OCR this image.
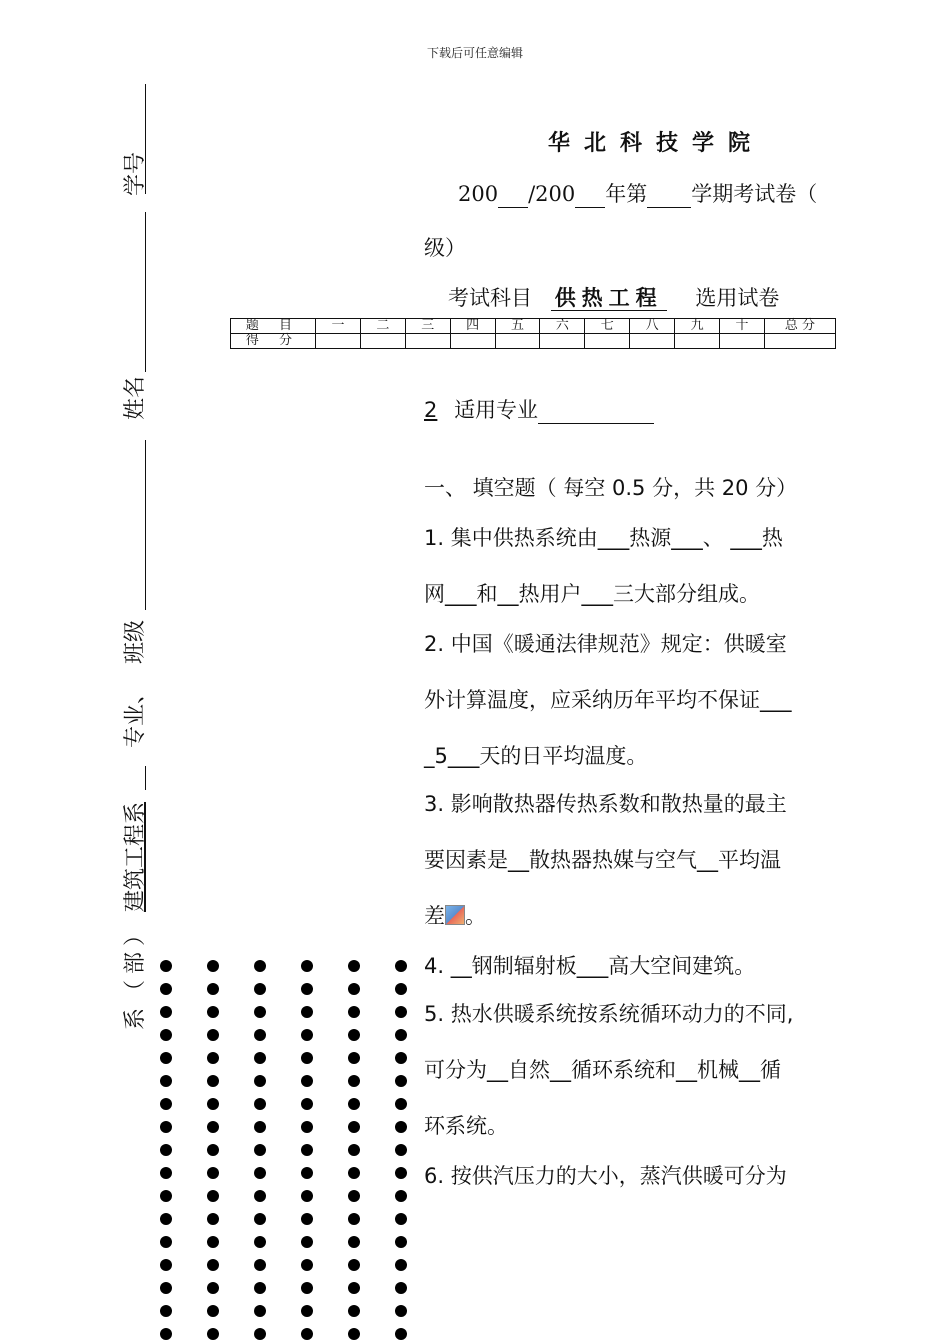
下载后可任意编辑
学号
姓名
班级
专业、
建筑工程系
系（部）
华北科技学院
200 /200 年第 学期考试卷（
级）
考试科目 供热工程 选用试卷
题 目	一	二	三	四	五	六	七	八	九	十	总 分
得 分											
2 适用专业
一、 填空题（ 每空 0.5 分，共 20 分）
1. 集中供热系统由___热源___、 ___热
网___和__热用户___三大部分组成。
2. 中国《暖通法律规范》规定：供暖室
外计算温度，应采纳历年平均不保证___
_5___天的日平均温度。
3. 影响散热器传热系数和散热量的最主
要因素是__散热器热媒与空气__平均温
差 。
4. __钢制辐射板___高大空间建筑。
5. 热水供暖系统按系统循环动力的不同,
可分为__自然__循环系统和__机械__循
环系统。
6. 按供汽压力的大小，蒸汽供暖可分为
